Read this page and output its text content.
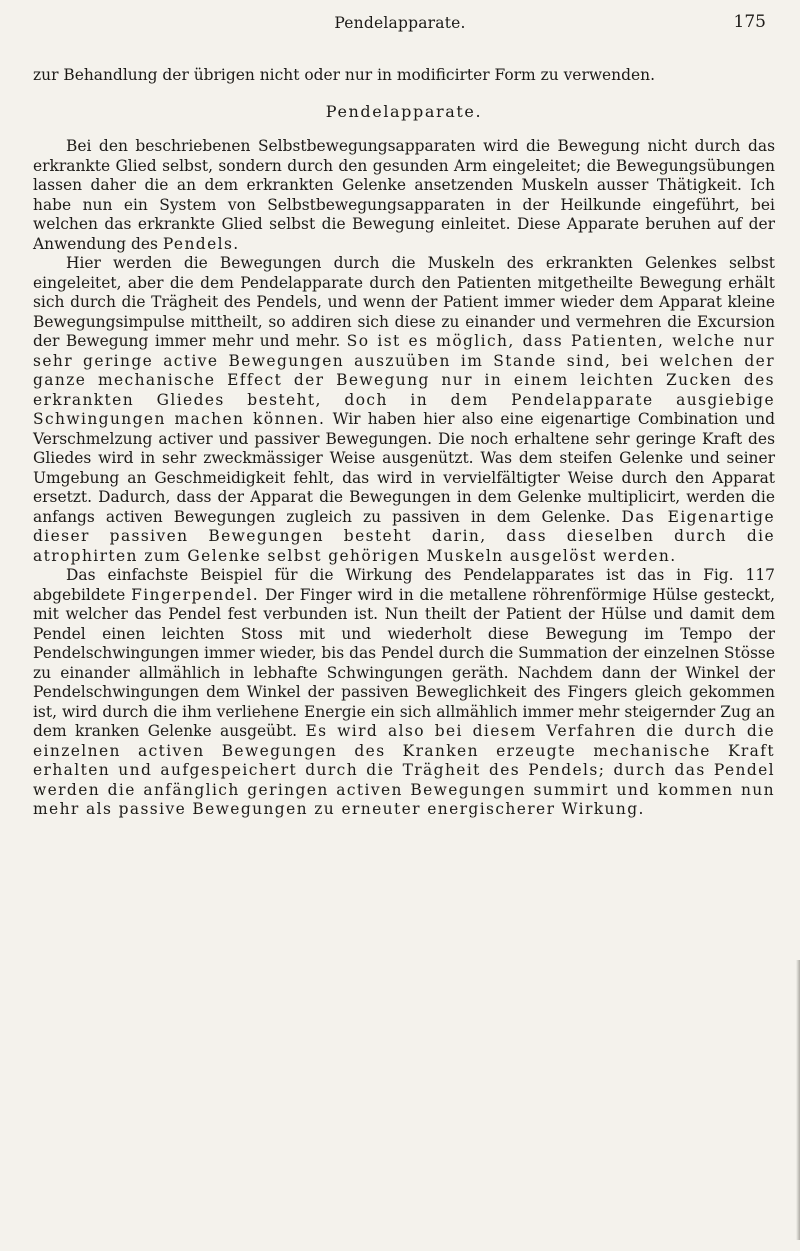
Pendelapparate.	175

zur Behandlung der übrigen nicht oder nur in modificirter Form zu verwenden.

Pendelapparate.

Bei den beschriebenen Selbstbewegungsapparaten wird die Bewegung nicht durch das erkrankte Glied selbst, sondern durch den gesunden Arm eingeleitet; die Bewegungsübungen lassen daher die an dem erkrankten Gelenke ansetzenden Muskeln ausser Thätigkeit. Ich habe nun ein System von Selbstbewegungsapparaten in der Heilkunde eingeführt, bei welchen das erkrankte Glied selbst die Bewegung einleitet. Diese Apparate beruhen auf der Anwendung des Pendels.

Hier werden die Bewegungen durch die Muskeln des erkrankten Gelenkes selbst eingeleitet, aber die dem Pendelapparate durch den Patienten mitgetheilte Bewegung erhält sich durch die Trägheit des Pendels, und wenn der Patient immer wieder dem Apparat kleine Bewegungsimpulse mittheilt, so addiren sich diese zu einander und vermehren die Excursion der Bewegung immer mehr und mehr. So ist es möglich, dass Patienten, welche nur sehr geringe active Bewegungen auszuüben im Stande sind, bei welchen der ganze mechanische Effect der Bewegung nur in einem leichten Zucken des erkrankten Gliedes besteht, doch in dem Pendelapparate ausgiebige Schwingungen machen können. Wir haben hier also eine eigenartige Combination und Verschmelzung activer und passiver Bewegungen. Die noch erhaltene sehr geringe Kraft des Gliedes wird in sehr zweckmässiger Weise ausgenützt. Was dem steifen Gelenke und seiner Umgebung an Geschmeidigkeit fehlt, das wird in vervielfältigter Weise durch den Apparat ersetzt. Dadurch, dass der Apparat die Bewegungen in dem Gelenke multiplicirt, werden die anfangs activen Bewegungen zugleich zu passiven in dem Gelenke. Das Eigenartige dieser passiven Bewegungen besteht darin, dass dieselben durch die atrophirten zum Gelenke selbst gehörigen Muskeln ausgelöst werden.

Das einfachste Beispiel für die Wirkung des Pendelapparates ist das in Fig. 117 abgebildete Fingerpendel. Der Finger wird in die metallene röhrenförmige Hülse gesteckt, mit welcher das Pendel fest verbunden ist. Nun theilt der Patient der Hülse und damit dem Pendel einen leichten Stoss mit und wiederholt diese Bewegung im Tempo der Pendelschwingungen immer wieder, bis das Pendel durch die Summation der einzelnen Stösse zu einander allmählich in lebhafte Schwingungen geräth. Nachdem dann der Winkel der Pendelschwingungen dem Winkel der passiven Beweglichkeit des Fingers gleich gekommen ist, wird durch die ihm verliehene Energie ein sich allmählich immer mehr steigernder Zug an dem kranken Gelenke ausgeübt. Es wird also bei diesem Verfahren die durch die einzelnen activen Bewegungen des Kranken erzeugte mechanische Kraft erhalten und aufgespeichert durch die Trägheit des Pendels; durch das Pendel werden die anfänglich geringen activen Bewegungen summirt und kommen nun mehr als passive Bewegungen zu erneuter energischerer Wirkung.
